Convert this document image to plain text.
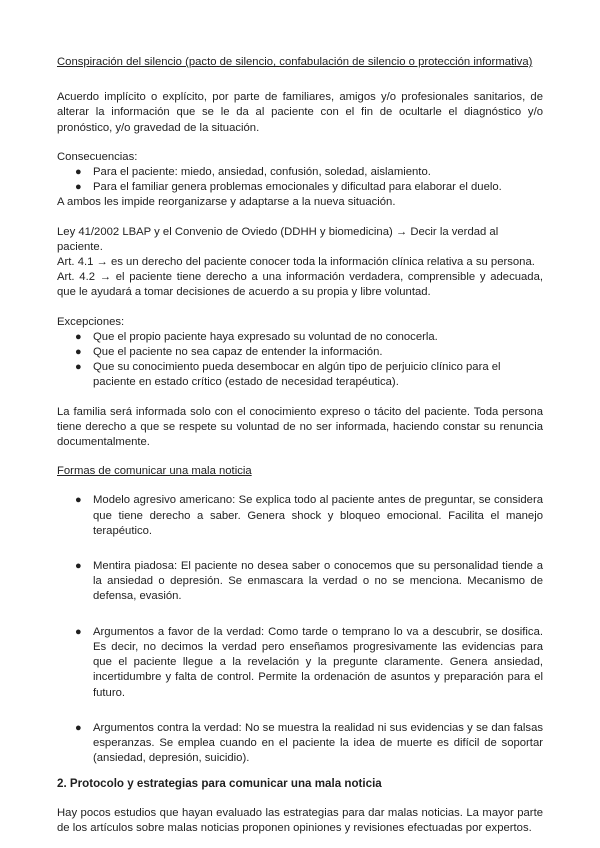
Conspiración del silencio (pacto de silencio, confabulación de silencio o protección informativa)

Acuerdo implícito o explícito, por parte de familiares, amigos y/o profesionales sanitarios, de alterar la información que se le da al paciente con el fin de ocultarle el diagnóstico y/o pronóstico, y/o gravedad de la situación.

Consecuencias:

● Para el paciente: miedo, ansiedad, confusión, soledad, aislamiento.
● Para el familiar genera problemas emocionales y dificultad para elaborar el duelo.

A ambos les impide reorganizarse y adaptarse a la nueva situación.

Ley 41/2002 LBAP y el Convenio de Oviedo (DDHH y biomedicina) → Decir la verdad al paciente.

Art. 4.1 → es un derecho del paciente conocer toda la información clínica relativa a su persona.

Art. 4.2 → el paciente tiene derecho a una información verdadera, comprensible y adecuada, que le ayudará a tomar decisiones de acuerdo a su propia y libre voluntad.

Excepciones:

● Que el propio paciente haya expresado su voluntad de no conocerla.
● Que el paciente no sea capaz de entender la información.
● Que su conocimiento pueda desembocar en algún tipo de perjuicio clínico para el paciente en estado crítico (estado de necesidad terapéutica).

La familia será informada solo con el conocimiento expreso o tácito del paciente. Toda persona tiene derecho a que se respete su voluntad de no ser informada, haciendo constar su renuncia documentalmente.

Formas de comunicar una mala noticia

● Modelo agresivo americano: Se explica todo al paciente antes de preguntar, se considera que tiene derecho a saber. Genera shock y bloqueo emocional. Facilita el manejo terapéutico.
● Mentira piadosa: El paciente no desea saber o conocemos que su personalidad tiende a la ansiedad o depresión. Se enmascara la verdad o no se menciona. Mecanismo de defensa, evasión.
● Argumentos a favor de la verdad: Como tarde o temprano lo va a descubrir, se dosifica. Es decir, no decimos la verdad pero enseñamos progresivamente las evidencias para que el paciente llegue a la revelación y la pregunte claramente. Genera ansiedad, incertidumbre y falta de control. Permite la ordenación de asuntos y preparación para el futuro.
● Argumentos contra la verdad: No se muestra la realidad ni sus evidencias y se dan falsas esperanzas. Se emplea cuando en el paciente la idea de muerte es difícil de soportar (ansiedad, depresión, suicidio).
2. Protocolo y estrategias para comunicar una mala noticia

Hay pocos estudios que hayan evaluado las estrategias para dar malas noticias. La mayor parte de los artículos sobre malas noticias proponen opiniones y revisiones efectuadas por expertos.
